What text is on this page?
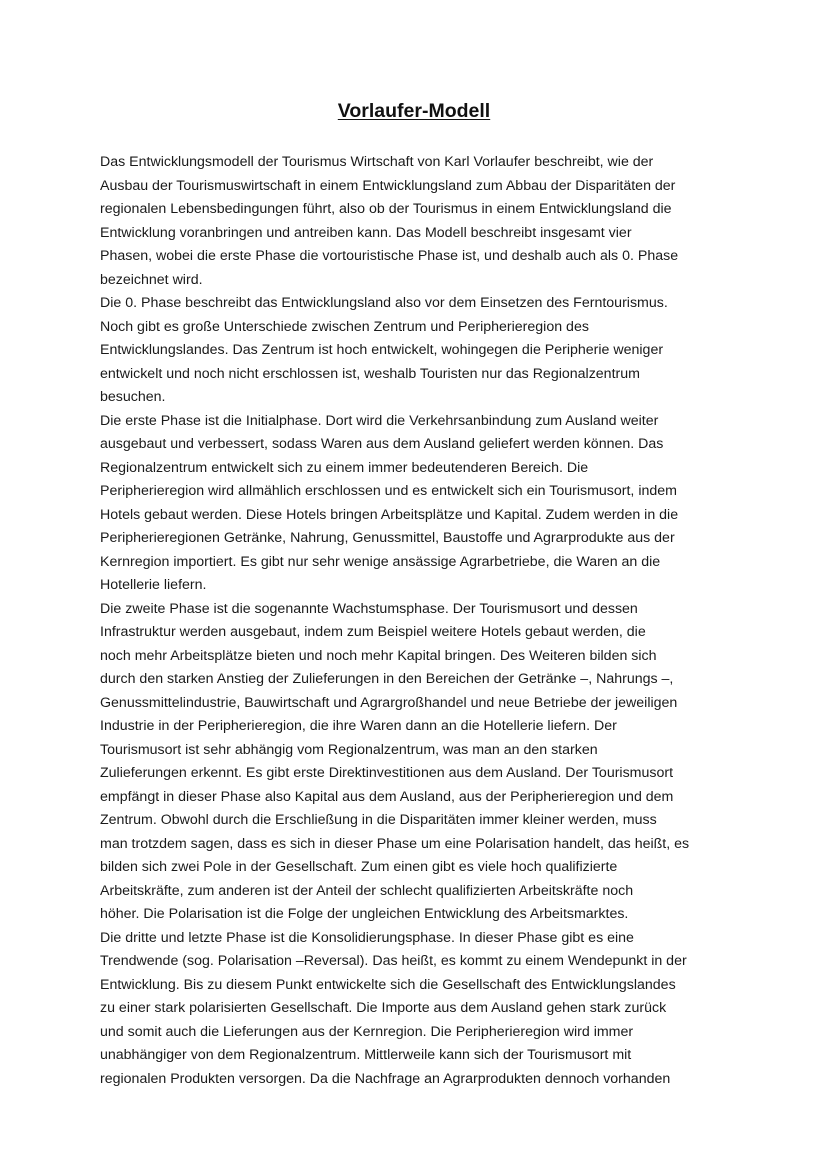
Vorlaufer-Modell
Das Entwicklungsmodell der Tourismus Wirtschaft von Karl Vorlaufer beschreibt, wie der
Ausbau der Tourismuswirtschaft in einem Entwicklungsland zum Abbau der Disparitäten der
regionalen Lebensbedingungen führt, also ob der Tourismus in einem Entwicklungsland die
Entwicklung voranbringen und antreiben kann. Das Modell beschreibt insgesamt vier
Phasen, wobei die erste Phase die vortouristische Phase ist, und deshalb auch als 0. Phase
bezeichnet wird.
Die 0. Phase beschreibt das Entwicklungsland also vor dem Einsetzen des Ferntourismus.
Noch gibt es große Unterschiede zwischen Zentrum und Peripherieregion des
Entwicklungslandes. Das Zentrum ist hoch entwickelt, wohingegen die Peripherie weniger
entwickelt und noch nicht erschlossen ist, weshalb Touristen nur das Regionalzentrum
besuchen.
Die erste Phase ist die Initialphase. Dort wird die Verkehrsanbindung zum Ausland weiter
ausgebaut und verbessert, sodass Waren aus dem Ausland geliefert werden können. Das
Regionalzentrum entwickelt sich zu einem immer bedeutenderen Bereich. Die
Peripherieregion wird allmählich erschlossen und es entwickelt sich ein Tourismusort, indem
Hotels gebaut werden. Diese Hotels bringen Arbeitsplätze und Kapital. Zudem werden in die
Peripherieregionen Getränke, Nahrung, Genussmittel, Baustoffe und Agrarprodukte aus der
Kernregion importiert. Es gibt nur sehr wenige ansässige Agrarbetriebe, die Waren an die
Hotellerie liefern.
Die zweite Phase ist die sogenannte Wachstumsphase. Der Tourismusort und dessen
Infrastruktur werden ausgebaut, indem zum Beispiel weitere Hotels gebaut werden, die
noch mehr Arbeitsplätze bieten und noch mehr Kapital bringen. Des Weiteren bilden sich
durch den starken Anstieg der Zulieferungen in den Bereichen der Getränke –, Nahrungs –,
Genussmittelindustrie, Bauwirtschaft und Agrargroßhandel und neue Betriebe der jeweiligen
Industrie in der Peripherieregion, die ihre Waren dann an die Hotellerie liefern. Der
Tourismusort ist sehr abhängig vom Regionalzentrum, was man an den starken
Zulieferungen erkennt. Es gibt erste Direktinvestitionen aus dem Ausland. Der Tourismusort
empfängt in dieser Phase also Kapital aus dem Ausland, aus der Peripherieregion und dem
Zentrum. Obwohl durch die Erschließung in die Disparitäten immer kleiner werden, muss
man trotzdem sagen, dass es sich in dieser Phase um eine Polarisation handelt, das heißt, es
bilden sich zwei Pole in der Gesellschaft. Zum einen gibt es viele hoch qualifizierte
Arbeitskräfte, zum anderen ist der Anteil der schlecht qualifizierten Arbeitskräfte noch
höher. Die Polarisation ist die Folge der ungleichen Entwicklung des Arbeitsmarktes.
Die dritte und letzte Phase ist die Konsolidierungsphase. In dieser Phase gibt es eine
Trendwende (sog. Polarisation –Reversal). Das heißt, es kommt zu einem Wendepunkt in der
Entwicklung. Bis zu diesem Punkt entwickelte sich die Gesellschaft des Entwicklungslandes
zu einer stark polarisierten Gesellschaft. Die Importe aus dem Ausland gehen stark zurück
und somit auch die Lieferungen aus der Kernregion. Die Peripherieregion wird immer
unabhängiger von dem Regionalzentrum. Mittlerweile kann sich der Tourismusort mit
regionalen Produkten versorgen. Da die Nachfrage an Agrarprodukten dennoch vorhanden
